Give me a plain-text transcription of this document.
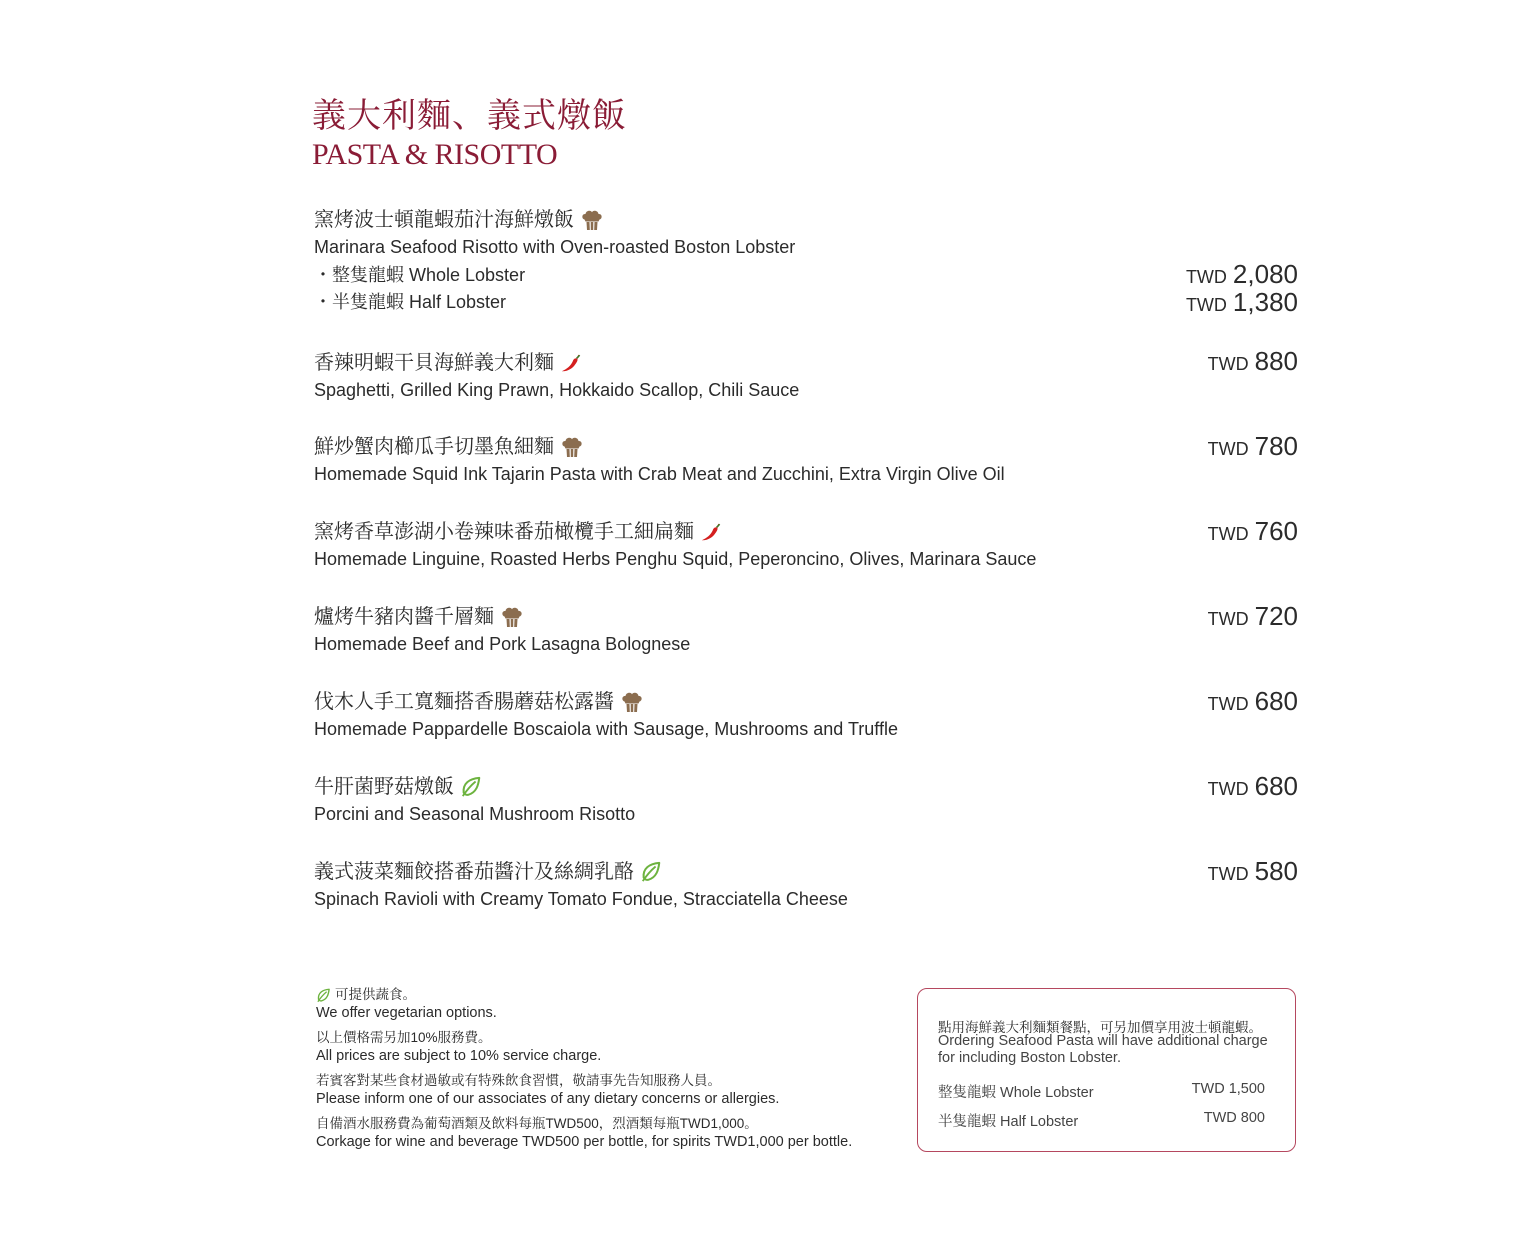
義大利麵、義式燉飯
PASTA & RISOTTO
窯烤波士頓龍蝦茄汁海鮮燉飯
Marinara Seafood Risotto with Oven-roasted Boston Lobster
・整隻龍蝦 Whole Lobster
・半隻龍蝦 Half Lobster
TWD 2,080
TWD 1,380
香辣明蝦干貝海鮮義大利麵
Spaghetti, Grilled King Prawn, Hokkaido Scallop, Chili Sauce
TWD 880
鮮炒蟹肉櫛瓜手切墨魚細麵
Homemade Squid Ink Tajarin Pasta with Crab Meat and Zucchini, Extra Virgin Olive Oil
TWD 780
窯烤香草澎湖小卷辣味番茄橄欖手工細扁麵
Homemade Linguine, Roasted Herbs Penghu Squid, Peperoncino, Olives, Marinara Sauce
TWD 760
爐烤牛豬肉醬千層麵
Homemade Beef and Pork Lasagna Bolognese
TWD 720
伐木人手工寬麵搭香腸蘑菇松露醬
Homemade Pappardelle Boscaiola with Sausage, Mushrooms and Truffle
TWD 680
牛肝菌野菇燉飯
Porcini and Seasonal Mushroom Risotto
TWD 680
義式菠菜麵餃搭番茄醬汁及絲綢乳酪
Spinach Ravioli with Creamy Tomato Fondue, Stracciatella Cheese
TWD 580
可提供蔬食。
We offer vegetarian options.
以上價格需另加10%服務費。
All prices are subject to 10% service charge.
若賓客對某些食材過敏或有特殊飲食習慣，敬請事先告知服務人員。
Please inform one of our associates of any dietary concerns or allergies.
自備酒水服務費為葡萄酒類及飲料每瓶TWD500，烈酒類每瓶TWD1,000。
Corkage for wine and beverage TWD500 per bottle, for spirits TWD1,000 per bottle.
點用海鮮義大利麵類餐點，可另加價享用波士頓龍蝦。
Ordering Seafood Pasta will have additional charge for including Boston Lobster.
整隻龍蝦 Whole Lobster	TWD 1,500
半隻龍蝦 Half Lobster	TWD 800
